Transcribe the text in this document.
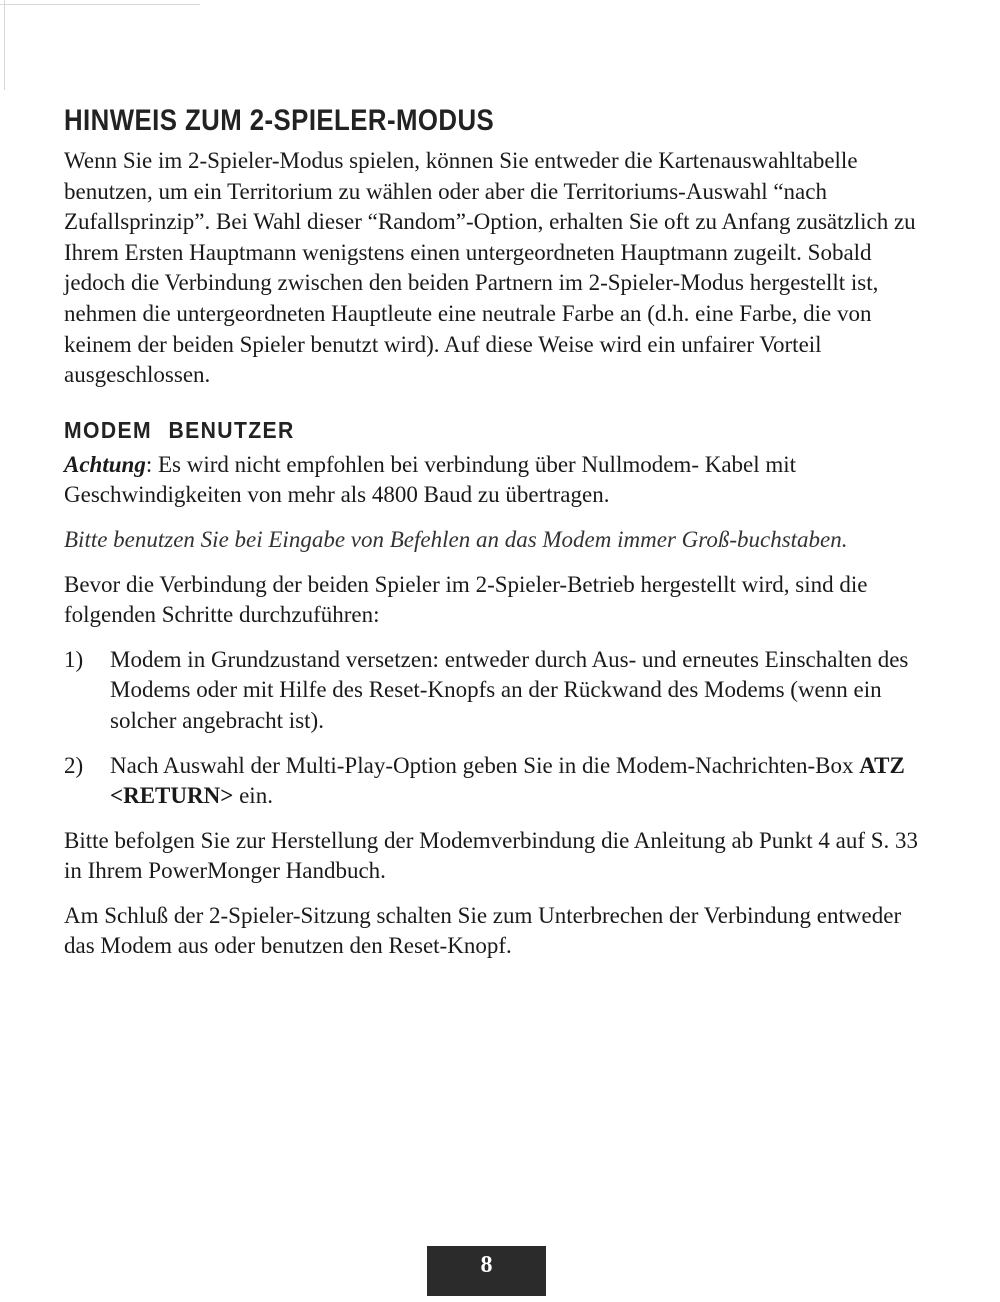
HINWEIS ZUM 2-SPIELER-MODUS

Wenn Sie im 2-Spieler-Modus spielen, können Sie entweder die Kartenauswahltabelle benutzen, um ein Territorium zu wählen oder aber die Territoriums-Auswahl “nach Zufallsprinzip”. Bei Wahl dieser “Random”-Option, erhalten Sie oft zu Anfang zusätzlich zu Ihrem Ersten Hauptmann wenigstens einen untergeordneten Hauptmann zugeilt. Sobald jedoch die Verbindung zwischen den beiden Partnern im 2-Spieler-Modus hergestellt ist, nehmen die untergeordneten Hauptleute eine neutrale Farbe an (d.h. eine Farbe, die von keinem der beiden Spieler benutzt wird). Auf diese Weise wird ein unfairer Vorteil ausgeschlossen.

MODEM BENUTZER

Achtung: Es wird nicht empfohlen bei verbindung über Nullmodem- Kabel mit Geschwindigkeiten von mehr als 4800 Baud zu übertragen.

Bitte benutzen Sie bei Eingabe von Befehlen an das Modem immer Groß-buchstaben.

Bevor die Verbindung der beiden Spieler im 2-Spieler-Betrieb hergestellt wird, sind die folgenden Schritte durchzuführen:

1) Modem in Grundzustand versetzen: entweder durch Aus- und erneutes Einschalten des Modems oder mit Hilfe des Reset-Knopfs an der Rückwand des Modems (wenn ein solcher angebracht ist).
2) Nach Auswahl der Multi-Play-Option geben Sie in die Modem-Nachrichten-Box ATZ <RETURN> ein.

Bitte befolgen Sie zur Herstellung der Modemverbindung die Anleitung ab Punkt 4 auf S. 33 in Ihrem PowerMonger Handbuch.

Am Schluß der 2-Spieler-Sitzung schalten Sie zum Unterbrechen der Verbindung entweder das Modem aus oder benutzen den Reset-Knopf.

8
